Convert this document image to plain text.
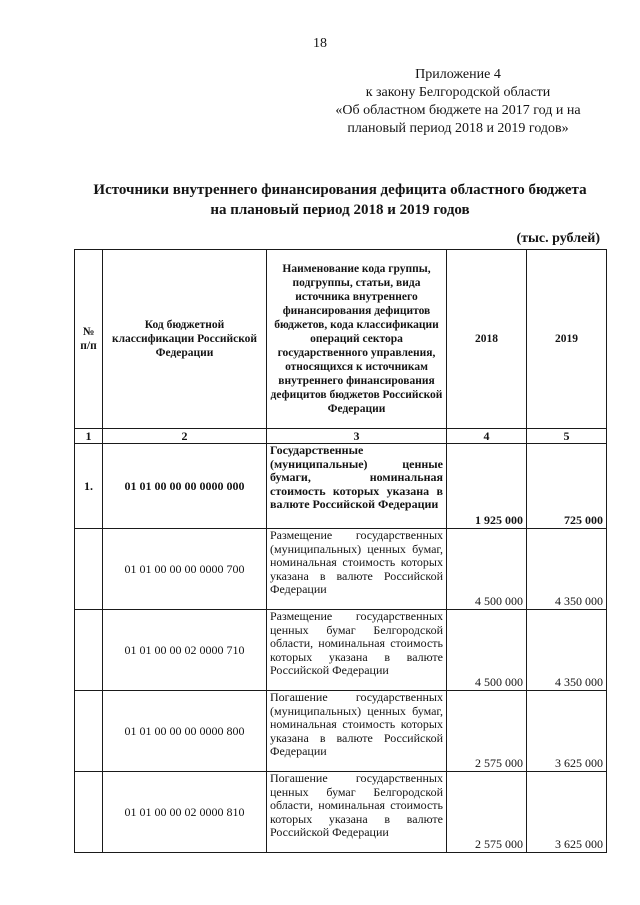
18
Приложение 4
к закону Белгородской области
«Об областном бюджете на 2017 год и на
плановый период 2018 и 2019 годов»
Источники внутреннего финансирования дефицита областного бюджета
на плановый период 2018 и 2019 годов
(тыс. рублей)
№ п/п	Код бюджетной классификации Российской Федерации	Наименование кода группы, подгруппы, статьи, вида источника внутреннего финансирования дефицитов бюджетов, кода классификации операций сектора государственного управления, относящихся к источникам внутреннего финансирования дефицитов бюджетов Российской Федерации	2018	2019
1	2	3	4	5
1.	01 01 00 00 00 0000 000	Государственные (муниципальные) ценные бумаги, номинальная стоимость которых указана в валюте Российской Федерации	1 925 000	725 000
	01 01 00 00 00 0000 700	Размещение государственных (муниципальных) ценных бумаг, номинальная стоимость которых указана в валюте Российской Федерации	4 500 000	4 350 000
	01 01 00 00 02 0000 710	Размещение государственных ценных бумаг Белгородской области, номинальная стоимость которых указана в валюте Российской Федерации	4 500 000	4 350 000
	01 01 00 00 00 0000 800	Погашение государственных (муниципальных) ценных бумаг, номинальная стоимость которых указана в валюте Российской Федерации	2 575 000	3 625 000
	01 01 00 00 02 0000 810	Погашение государственных ценных бумаг Белгородской области, номинальная стоимость которых указана в валюте Российской Федерации	2 575 000	3 625 000
